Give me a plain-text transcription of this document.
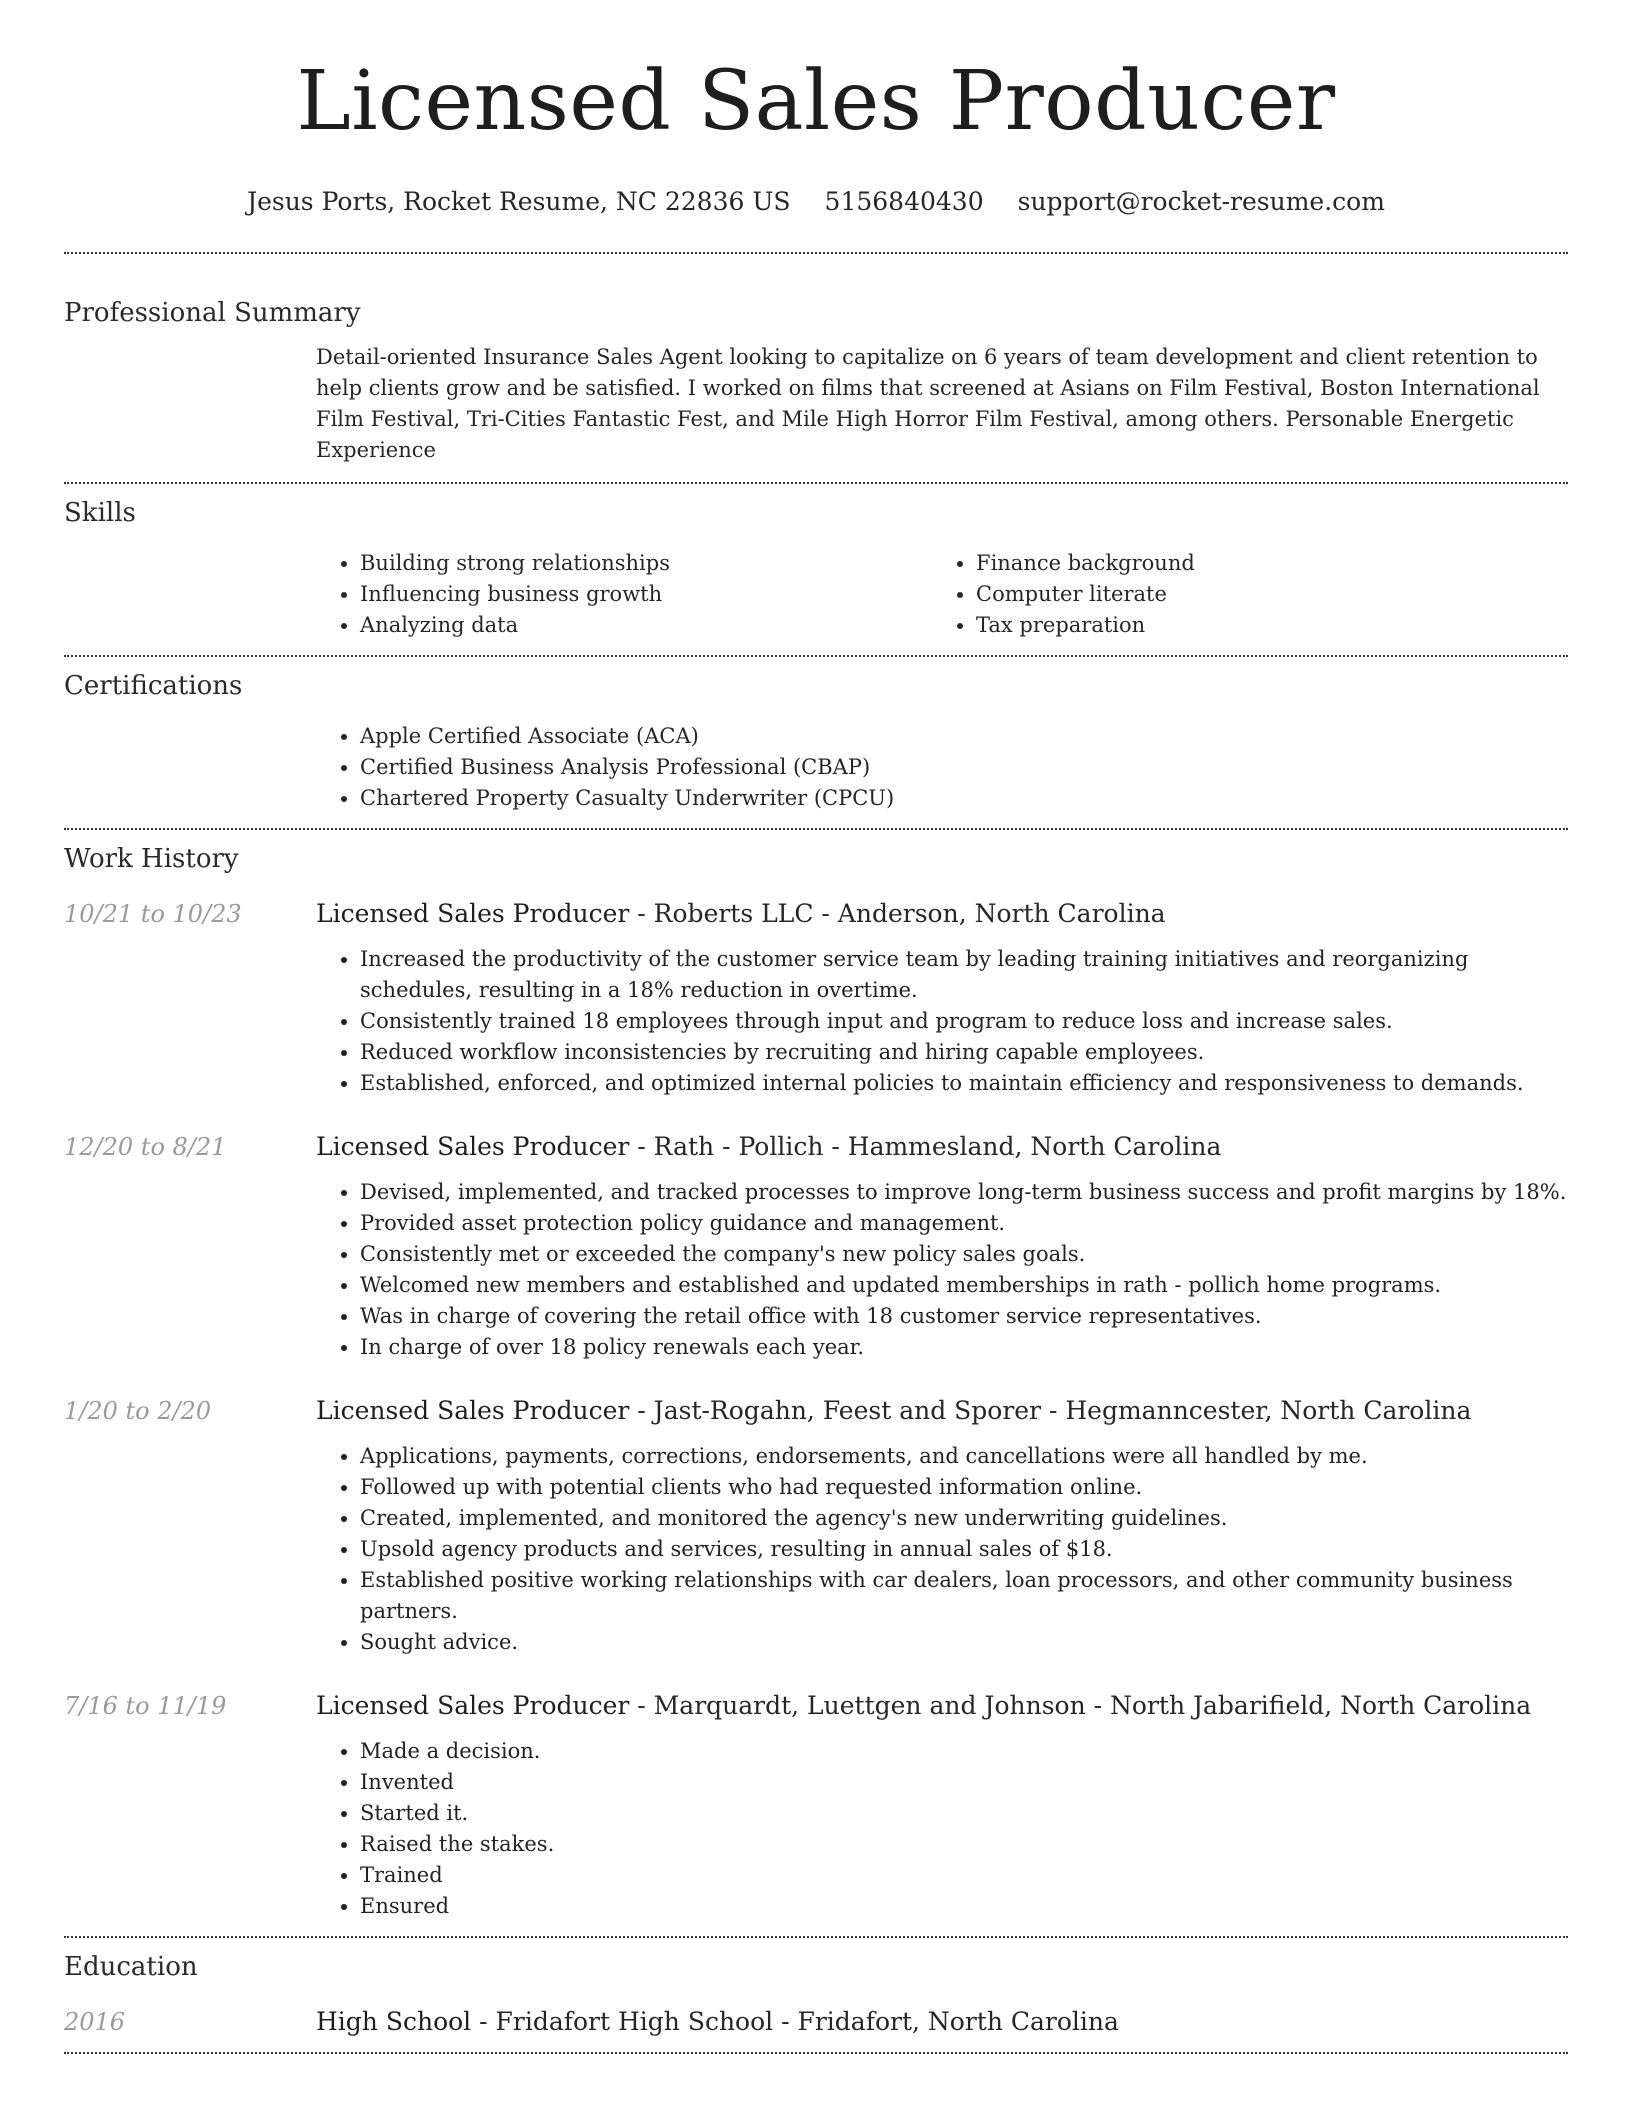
Licensed Sales Producer
Jesus Ports, Rocket Resume, NC 22836 US 5156840430 support@rocket-resume.com
Professional Summary
Detail-oriented Insurance Sales Agent looking to capitalize on 6 years of team development and client retention to help clients grow and be satisfied. I worked on films that screened at Asians on Film Festival, Boston International Film Festival, Tri-Cities Fantastic Fest, and Mile High Horror Film Festival, among others. Personable Energetic Experience
Skills
• Building strong relationships
• Influencing business growth
• Analyzing data
• Finance background
• Computer literate
• Tax preparation
Certifications
• Apple Certified Associate (ACA)
• Certified Business Analysis Professional (CBAP)
• Chartered Property Casualty Underwriter (CPCU)
Work History
10/21 to 10/23	Licensed Sales Producer - Roberts LLC - Anderson, North Carolina
• Increased the productivity of the customer service team by leading training initiatives and reorganizing schedules, resulting in a 18% reduction in overtime.
• Consistently trained 18 employees through input and program to reduce loss and increase sales.
• Reduced workflow inconsistencies by recruiting and hiring capable employees.
• Established, enforced, and optimized internal policies to maintain efficiency and responsiveness to demands.
12/20 to 8/21	Licensed Sales Producer - Rath - Pollich - Hammesland, North Carolina
• Devised, implemented, and tracked processes to improve long-term business success and profit margins by 18%.
• Provided asset protection policy guidance and management.
• Consistently met or exceeded the company's new policy sales goals.
• Welcomed new members and established and updated memberships in rath - pollich home programs.
• Was in charge of covering the retail office with 18 customer service representatives.
• In charge of over 18 policy renewals each year.
1/20 to 2/20	Licensed Sales Producer - Jast-Rogahn, Feest and Sporer - Hegmanncester, North Carolina
• Applications, payments, corrections, endorsements, and cancellations were all handled by me.
• Followed up with potential clients who had requested information online.
• Created, implemented, and monitored the agency's new underwriting guidelines.
• Upsold agency products and services, resulting in annual sales of $18.
• Established positive working relationships with car dealers, loan processors, and other community business partners.
• Sought advice.
7/16 to 11/19	Licensed Sales Producer - Marquardt, Luettgen and Johnson - North Jabarifield, North Carolina
• Made a decision.
• Invented
• Started it.
• Raised the stakes.
• Trained
• Ensured
Education
2016	High School - Fridafort High School - Fridafort, North Carolina
